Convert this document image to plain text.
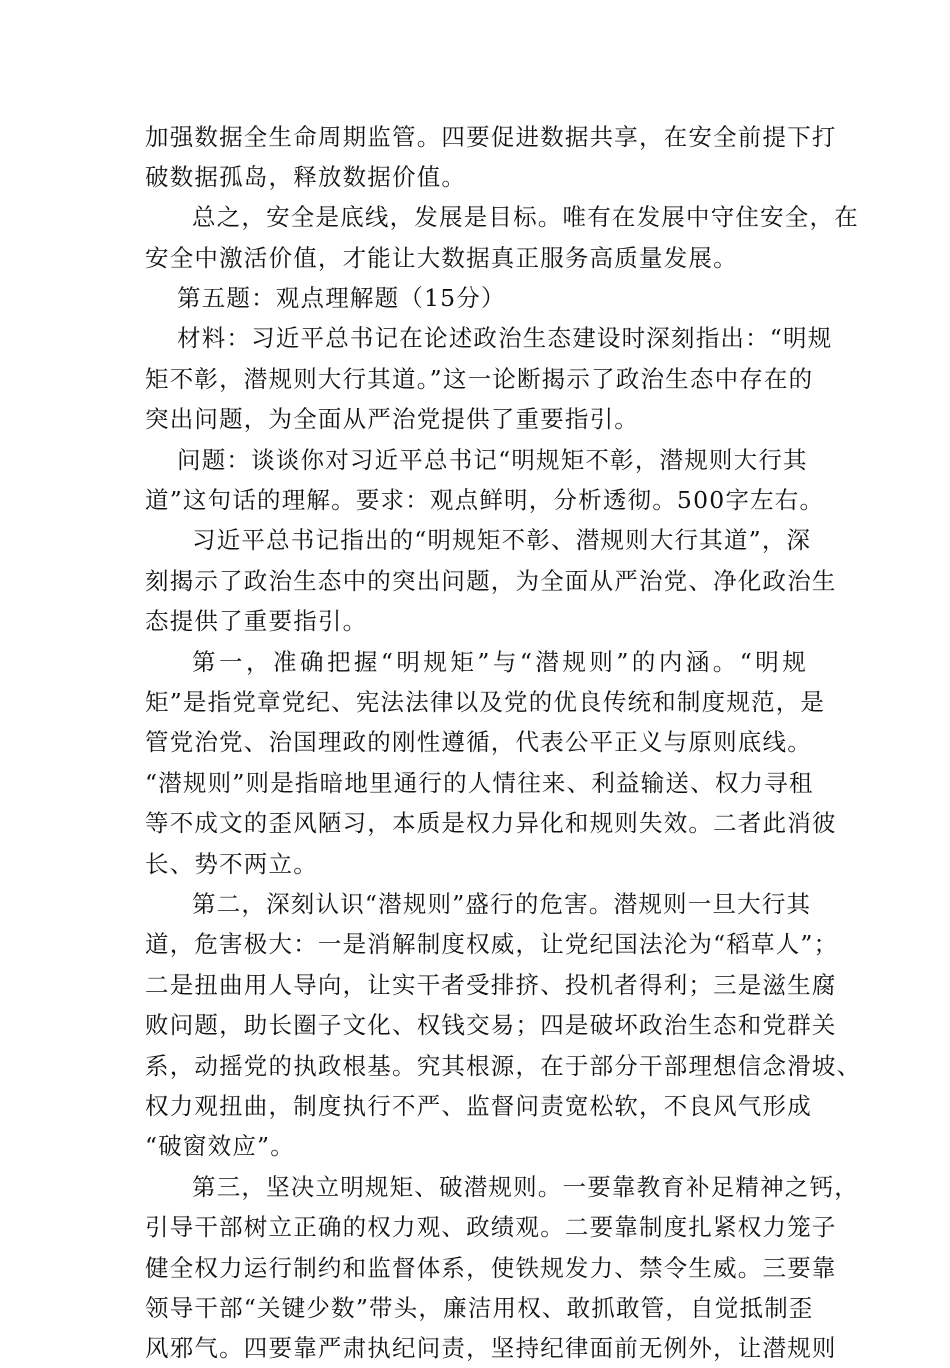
加强数据全生命周期监管。四要促进数据共享，在安全前提下打
破数据孤岛，释放数据价值。
总之，安全是底线，发展是目标。唯有在发展中守住安全，在
安全中激活价值，才能让大数据真正服务高质量发展。
第五题：观点理解题（15分）
材料：习近平总书记在论述政治生态建设时深刻指出：“明规
矩不彰，潜规则大行其道。”这一论断揭示了政治生态中存在的
突出问题，为全面从严治党提供了重要指引。
问题：谈谈你对习近平总书记“明规矩不彰，潜规则大行其
道”这句话的理解。要求：观点鲜明，分析透彻。500字左右。
习近平总书记指出的“明规矩不彰、潜规则大行其道”，深
刻揭示了政治生态中的突出问题，为全面从严治党、净化政治生
态提供了重要指引。
第一，准确把握“明规矩”与“潜规则”的内涵。“明规
矩”是指党章党纪、宪法法律以及党的优良传统和制度规范，是
管党治党、治国理政的刚性遵循，代表公平正义与原则底线。
“潜规则”则是指暗地里通行的人情往来、利益输送、权力寻租
等不成文的歪风陋习，本质是权力异化和规则失效。二者此消彼
长、势不两立。
第二，深刻认识“潜规则”盛行的危害。潜规则一旦大行其
道，危害极大：一是消解制度权威，让党纪国法沦为“稻草人”；
二是扭曲用人导向，让实干者受排挤、投机者得利；三是滋生腐
败问题，助长圈子文化、权钱交易；四是破坏政治生态和党群关
系，动摇党的执政根基。究其根源，在于部分干部理想信念滑坡、
权力观扭曲，制度执行不严、监督问责宽松软，不良风气形成
“破窗效应”。
第三，坚决立明规矩、破潜规则。一要靠教育补足精神之钙，
引导干部树立正确的权力观、政绩观。二要靠制度扎紧权力笼子
健全权力运行制约和监督体系，使铁规发力、禁令生威。三要靠
领导干部“关键少数”带头，廉洁用权、敢抓敢管，自觉抵制歪
风邪气。四要靠严肃执纪问责，坚持纪律面前无例外，让潜规则
